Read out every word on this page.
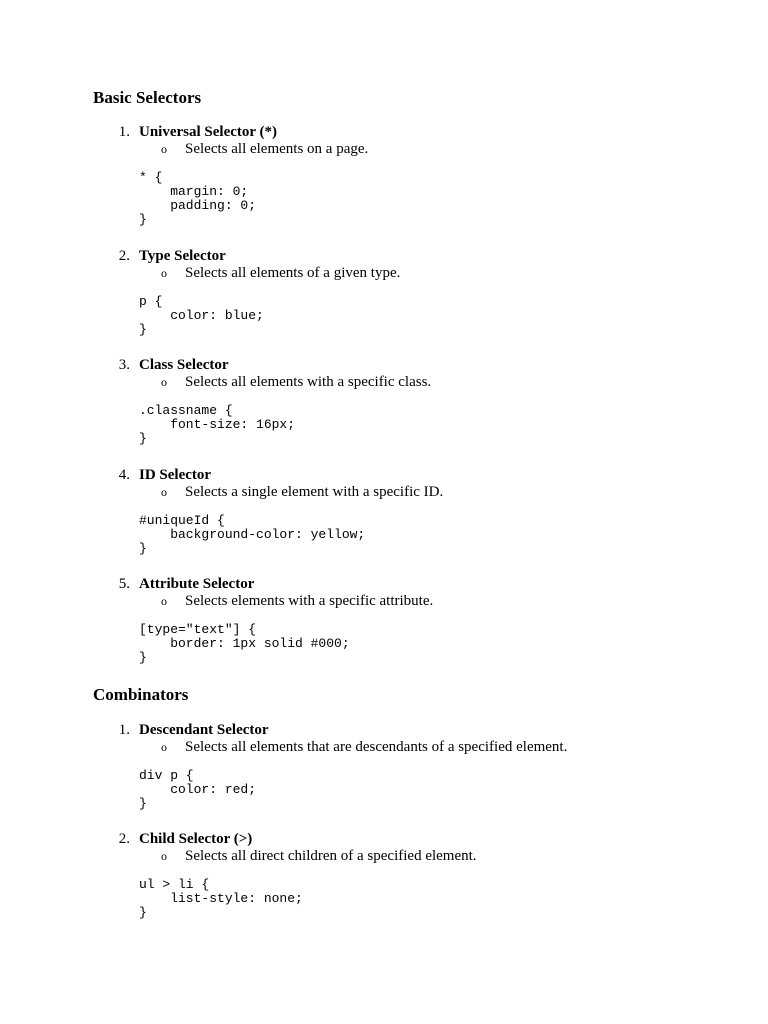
Basic Selectors
1. Universal Selector (*)
o Selects all elements on a page.
* {
margin: 0;
padding: 0;
}
2. Type Selector
o Selects all elements of a given type.
p {
color: blue;
}
3. Class Selector
o Selects all elements with a specific class.
.classname {
font-size: 16px;
}
4. ID Selector
o Selects a single element with a specific ID.
#uniqueId {
background-color: yellow;
}
5. Attribute Selector
o Selects elements with a specific attribute.
[type="text"] {
border: 1px solid #000;
}
Combinators
1. Descendant Selector
o Selects all elements that are descendants of a specified element.
div p {
color: red;
}
2. Child Selector (>)
o Selects all direct children of a specified element.
ul > li {
list-style: none;
}
